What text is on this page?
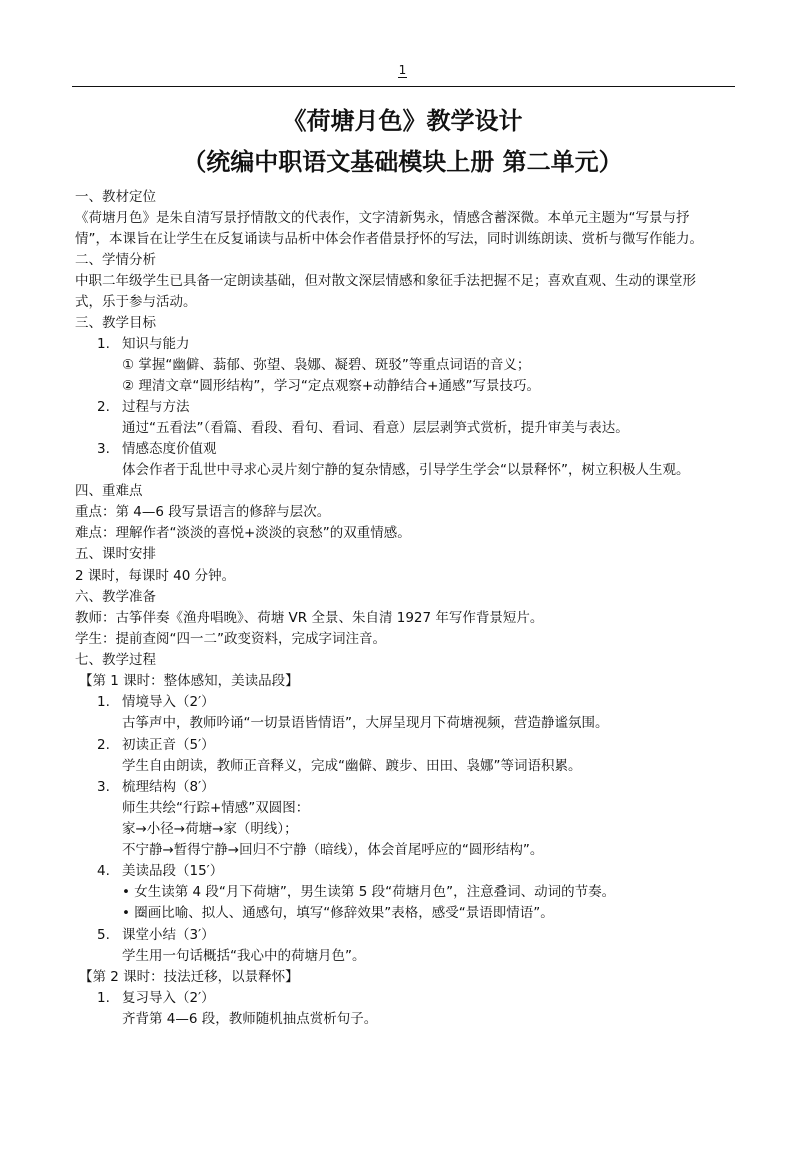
1
《荷塘月色》教学设计
（统编中职语文基础模块上册 第二单元）
一、教材定位
《荷塘月色》是朱自清写景抒情散文的代表作，文字清新隽永，情感含蓄深微。本单元主题为“写景与抒
情”，本课旨在让学生在反复诵读与品析中体会作者借景抒怀的写法，同时训练朗读、赏析与微写作能力。
二、学情分析
中职二年级学生已具备一定朗读基础，但对散文深层情感和象征手法把握不足；喜欢直观、生动的课堂形
式，乐于参与活动。
三、教学目标
1. 知识与能力
① 掌握“幽僻、蓊郁、弥望、袅娜、凝碧、斑驳”等重点词语的音义；
② 理清文章“圆形结构”，学习“定点观察+动静结合+通感”写景技巧。
2. 过程与方法
通过“五看法”（看篇、看段、看句、看词、看意）层层剥笋式赏析，提升审美与表达。
3. 情感态度价值观
体会作者于乱世中寻求心灵片刻宁静的复杂情感，引导学生学会“以景释怀”，树立积极人生观。
四、重难点
重点：第 4—6 段写景语言的修辞与层次。
难点：理解作者“淡淡的喜悦+淡淡的哀愁”的双重情感。
五、课时安排
2 课时，每课时 40 分钟。
六、教学准备
教师：古筝伴奏《渔舟唱晚》、荷塘 VR 全景、朱自清 1927 年写作背景短片。
学生：提前查阅“四一二”政变资料，完成字词注音。
七、教学过程
【第 1 课时：整体感知，美读品段】
1. 情境导入（2′）
古筝声中，教师吟诵“一切景语皆情语”，大屏呈现月下荷塘视频，营造静谧氛围。
2. 初读正音（5′）
学生自由朗读，教师正音释义，完成“幽僻、踱步、田田、袅娜”等词语积累。
3. 梳理结构（8′）
师生共绘“行踪+情感”双圆图：
家→小径→荷塘→家（明线）；
不宁静→暂得宁静→回归不宁静（暗线），体会首尾呼应的“圆形结构”。
4. 美读品段（15′）
• 女生读第 4 段“月下荷塘”，男生读第 5 段“荷塘月色”，注意叠词、动词的节奏。
• 圈画比喻、拟人、通感句，填写“修辞效果”表格，感受“景语即情语”。
5. 课堂小结（3′）
学生用一句话概括“我心中的荷塘月色”。
【第 2 课时：技法迁移，以景释怀】
1. 复习导入（2′）
齐背第 4—6 段，教师随机抽点赏析句子。
